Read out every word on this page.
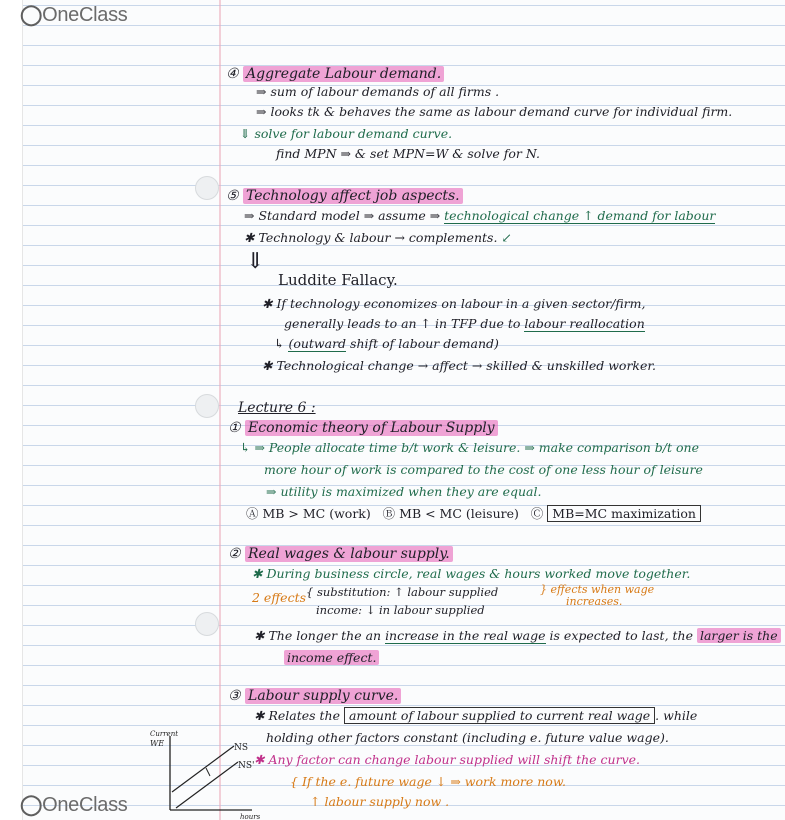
◯OneClass
◯OneClass
④ Aggregate Labour demand.
⇒ sum of labour demands of all firms .
⇒ looks tk & behaves the same as labour demand curve for individual firm.
⇓ solve for labour demand curve.
find MPN ⇒ & set MPN=W & solve for N.
⑤ Technology affect job aspects.
⇒ Standard model ⇒ assume ⇒ technological change ↑ demand for labour
✱ Technology & labour → complements. ↙
⇓
Luddite Fallacy.
✱ If technology economizes on labour in a given sector/firm,
generally leads to an ↑ in TFP due to labour reallocation
↳ (outward shift of labour demand)
✱ Technological change → affect → skilled & unskilled worker.
Lecture 6 :
① Economic theory of Labour Supply
↳ ⇒ People allocate time b/t work & leisure. ⇒ make comparison b/t one
more hour of work is compared to the cost of one less hour of leisure
⇒ utility is maximized when they are equal.
Ⓐ MB > MC (work) Ⓑ MB < MC (leisure) Ⓒ MB=MC maximization
② Real wages & labour supply.
✱ During business circle, real wages & hours worked move together.
2 effects { substitution: ↑ labour supplied
income: ↓ in labour supplied
} effects when wage
increases.
✱ The longer the an increase in the real wage is expected to last, the larger is the
income effect.
③ Labour supply curve.
✱ Relates the amount of labour supplied to current real wage . while
holding other factors constant (including e. future value wage).
✱ Any factor can change labour supplied will shift the curve.
{ If the e. future wage ↓ ⇒ work more now.
↑ labour supply now .
Current
WE	NS
NS'
hours
